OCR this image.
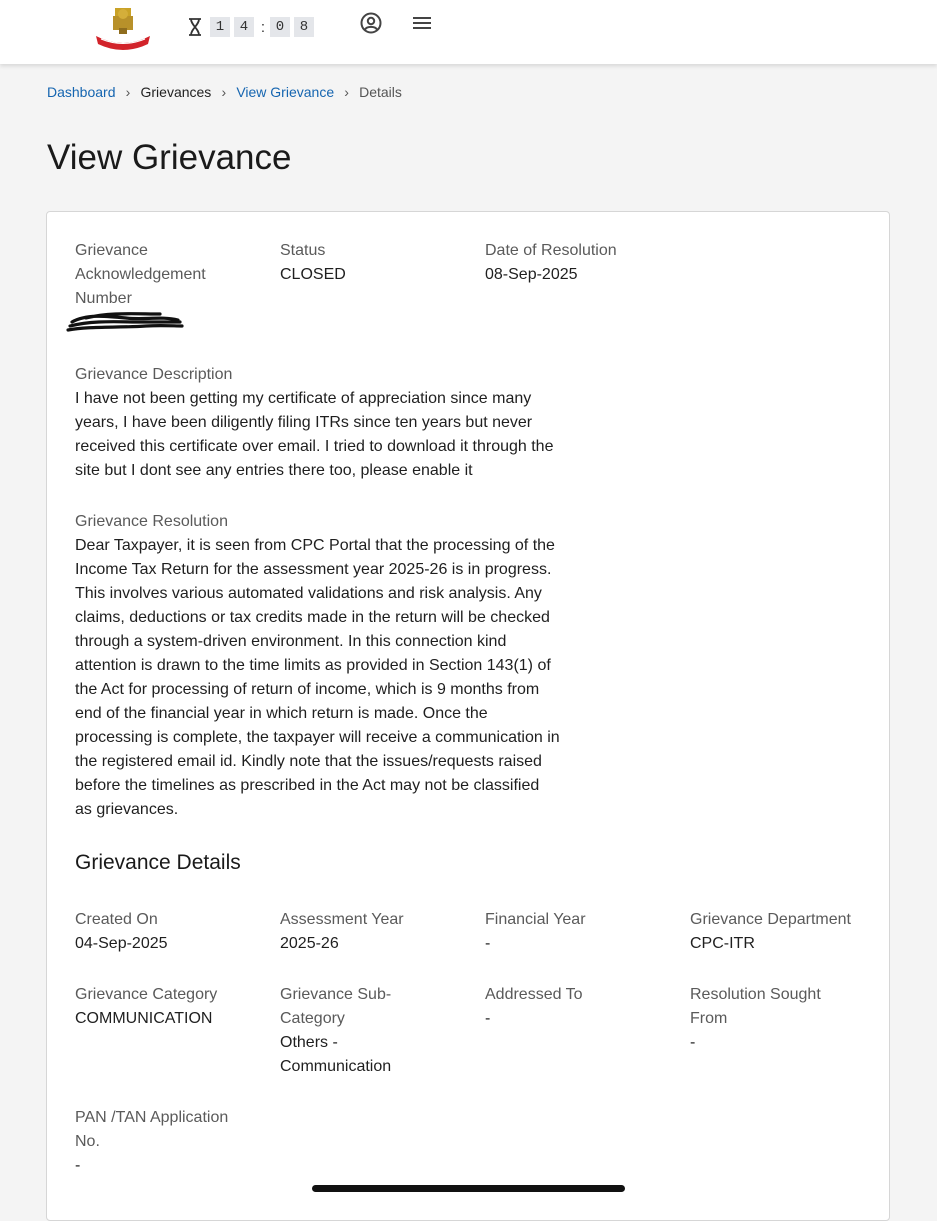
1	4 : 0	8
Dashboard › Grievances › View Grievance › Details
View Grievance
Grievance
Acknowledgement
Number
Status
CLOSED
Date of Resolution
08-Sep-2025
Grievance Description
I have not been getting my certificate of appreciation since many
years, I have been diligently filing ITRs since ten years but never
received this certificate over email. I tried to download it through the
site but I dont see any entries there too, please enable it
Grievance Resolution
Dear Taxpayer, it is seen from CPC Portal that the processing of the
Income Tax Return for the assessment year 2025-26 is in progress.
This involves various automated validations and risk analysis. Any
claims, deductions or tax credits made in the return will be checked
through a system-driven environment. In this connection kind
attention is drawn to the time limits as provided in Section 143(1) of
the Act for processing of return of income, which is 9 months from
end of the financial year in which return is made. Once the
processing is complete, the taxpayer will receive a communication in
the registered email id. Kindly note that the issues/requests raised
before the timelines as prescribed in the Act may not be classified
as grievances.
Grievance Details
Created On
04-Sep-2025
Assessment Year
2025-26
Financial Year
-
Grievance Department
CPC-ITR
Grievance Category
COMMUNICATION
Grievance Sub-
Category
Others -
Communication
Addressed To
-
Resolution Sought
From
-
PAN /TAN Application
No.
-
